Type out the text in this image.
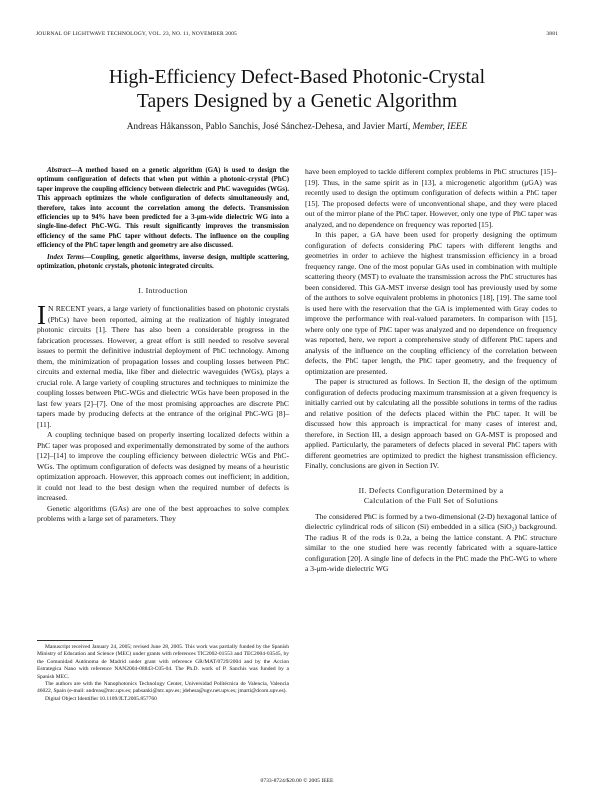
JOURNAL OF LIGHTWAVE TECHNOLOGY, VOL. 23, NO. 11, NOVEMBER 2005	3881
High-Efficiency Defect-Based Photonic-Crystal
Tapers Designed by a Genetic Algorithm
Andreas Håkansson, Pablo Sanchis, José Sánchez-Dehesa, and Javier Martí, Member, IEEE

Abstract—A method based on a genetic algorithm (GA) is used to design the optimum configuration of defects that when put within a photonic-crystal (PhC) taper improve the coupling efficiency between dielectric and PhC waveguides (WGs). This approach optimizes the whole configuration of defects simultaneously and, therefore, takes into account the correlation among the defects. Transmission efficiencies up to 94% have been predicted for a 3-μm-wide dielectric WG into a single-line-defect PhC-WG. This result significantly improves the transmission efficiency of the same PhC taper without defects. The influence on the coupling efficiency of the PhC taper length and geometry are also discussed.

Index Terms—Coupling, genetic algorithms, inverse design, multiple scattering, optimization, photonic crystals, photonic integrated circuits.

I. Introduction

I N RECENT years, a large variety of functionalities based on photonic crystals (PhCs) have been reported, aiming at the realization of highly integrated photonic circuits [1]. There has also been a considerable progress in the fabrication processes. However, a great effort is still needed to resolve several issues to permit the definitive industrial deployment of PhC technology. Among them, the minimization of propagation losses and coupling losses between PhC circuits and external media, like fiber and dielectric waveguides (WGs), plays a crucial role. A large variety of coupling structures and techniques to minimize the coupling losses between PhC-WGs and dielectric WGs have been proposed in the last few years [2]–[7]. One of the most promising approaches are discrete PhC tapers made by producing defects at the entrance of the original PhC-WG [8]–[11].

A coupling technique based on properly inserting localized defects within a PhC taper was proposed and experimentally demonstrated by some of the authors [12]–[14] to improve the coupling efficiency between dielectric WGs and PhC-WGs. The optimum configuration of defects was designed by means of a heuristic optimization approach. However, this approach comes out inefficient; in addition, it could not lead to the best design when the required number of defects is increased.

Genetic algorithms (GAs) are one of the best approaches to solve complex problems with a large set of parameters. They

Manuscript received January 24, 2005; revised June 28, 2005. This work was partially funded by the Spanish Ministry of Education and Science (MEC) under grants with references TIC2002-01553 and TEC2004-03545, by the Comunidad Autónoma de Madrid under grant with reference GR/MAT/0729/2004 and by the Accion Estrategica Nano with reference NAN2004-08843-C05-04. The Ph.D. work of P. Sanchis was funded by a Spanish MEC.

The authors are with the Nanophotonics Technology Center, Universidad Politécnica de Valencia, Valencia 46022, Spain (e-mail: andreas@ntc.upv.es; pabsanki@ntc.upv.es; jdehesa@ugv.net.upv.es; jmarti@dcom.upv.es).

Digital Object Identifier 10.1109/JLT.2005.857760

have been employed to tackle different complex problems in PhC structures [15]–[19]. Thus, in the same spirit as in [13], a microgenetic algorithm (μGA) was recently used to design the optimum configuration of defects within a PhC taper [15]. The proposed defects were of unconventional shape, and they were placed out of the mirror plane of the PhC taper. However, only one type of PhC taper was analyzed, and no dependence on frequency was reported [15].

In this paper, a GA have been used for properly designing the optimum configuration of defects considering PhC tapers with different lengths and geometries in order to achieve the highest transmission efficiency in a broad frequency range. One of the most popular GAs used in combination with multiple scattering theory (MST) to evaluate the transmission across the PhC structures has been considered. This GA-MST inverse design tool has previously used by some of the authors to solve equivalent problems in photonics [18], [19]. The same tool is used here with the reservation that the GA is implemented with Gray codes to improve the performance with real-valued parameters. In comparison with [15], where only one type of PhC taper was analyzed and no dependence on frequency was reported, here, we report a comprehensive study of different PhC tapers and analysis of the influence on the coupling efficiency of the correlation between defects, the PhC taper length, the PhC taper geometry, and the frequency of optimization are presented.

The paper is structured as follows. In Section II, the design of the optimum configuration of defects producing maximum transmission at a given frequency is initially carried out by calculating all the possible solutions in terms of the radius and relative position of the defects placed within the PhC taper. It will be discussed how this approach is impractical for many cases of interest and, therefore, in Section III, a design approach based on GA-MST is proposed and applied. Particularly, the parameters of defects placed in several PhC tapers with different geometries are optimized to predict the highest transmission efficiency. Finally, conclusions are given in Section IV.

II. Defects Configuration Determined by a
Calculation of the Full Set of Solutions

The considered PhC is formed by a two-dimensional (2-D) hexagonal lattice of dielectric cylindrical rods of silicon (Si) embedded in a silica (SiO₂) background. The radius R of the rods is 0.2a, a being the lattice constant. A PhC structure similar to the one studied here was recently fabricated with a square-lattice configuration [20]. A single line of defects in the PhC made the PhC-WG to where a 3-μm-wide dielectric WG

0733-8724/$20.00 © 2005 IEEE
